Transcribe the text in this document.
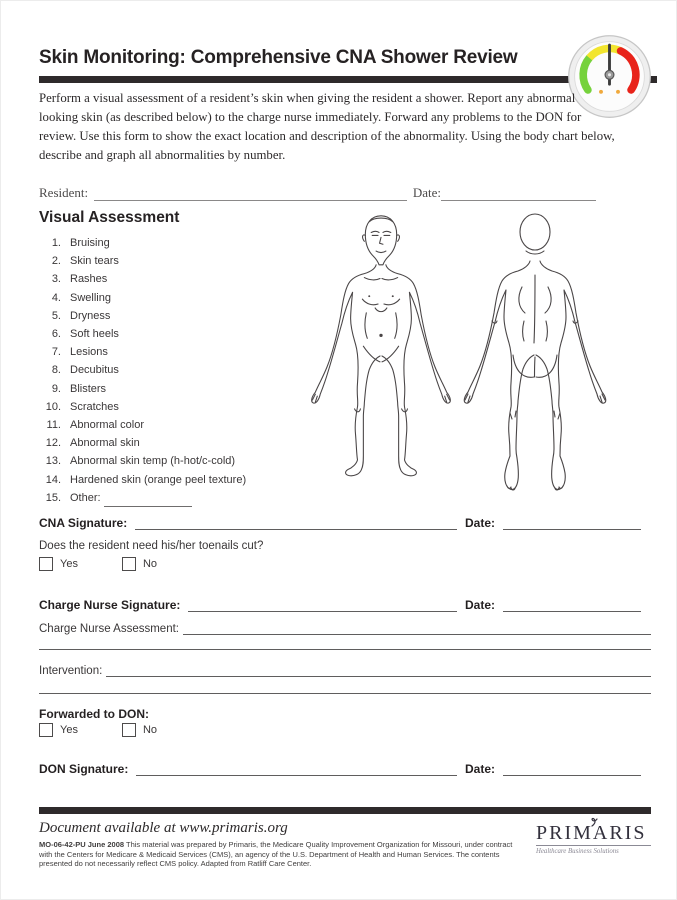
Skin Monitoring: Comprehensive CNA Shower Review
Perform a visual assessment of a resident’s skin when giving the resident a shower. Report any abnormal looking skin (as described below) to the charge nurse immediately. Forward any problems to the DON for review. Use this form to show the exact location and description of the abnormality. Using the body chart below, describe and graph all abnormalities by number.
Resident:	Date:
Visual Assessment
1. Bruising
2. Skin tears
3. Rashes
4. Swelling
5. Dryness
6. Soft heels
7. Lesions
8. Decubitus
9. Blisters
10. Scratches
11. Abnormal color
12. Abnormal skin
13. Abnormal skin temp (h-hot/c-cold)
14. Hardened skin (orange peel texture)
15. Other:
CNA Signature:	Date:
Does the resident need his/her toenails cut?
Yes	No
Charge Nurse Signature:	Date:
Charge Nurse Assessment:
Intervention:
Forwarded to DON:
Yes	No
DON Signature:	Date:
Document available at www.primaris.org
MO-06-42-PU June 2008 This material was prepared by Primaris, the Medicare Quality Improvement Organization for Missouri, under contract with the Centers for Medicare & Medicaid Services (CMS), an agency of the U.S. Department of Health and Human Services. The contents presented do not necessarily reflect CMS policy. Adapted from Ratliff Care Center.
PRIMARIS
Healthcare Business Solutions
